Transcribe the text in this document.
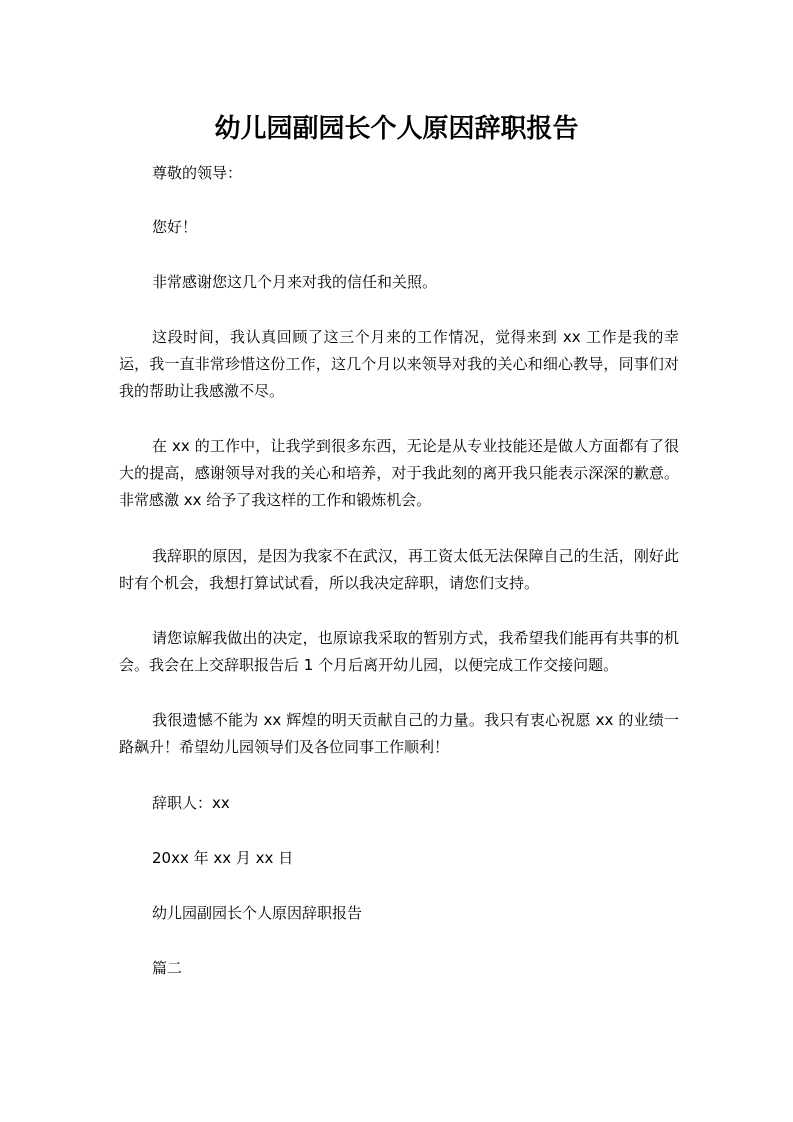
幼儿园副园长个人原因辞职报告

尊敬的领导：

您好！

非常感谢您这几个月来对我的信任和关照。

这段时间，我认真回顾了这三个月来的工作情况，觉得来到 xx 工作是我的幸运，我一直非常珍惜这份工作，这几个月以来领导对我的关心和细心教导，同事们对我的帮助让我感激不尽。

在 xx 的工作中，让我学到很多东西，无论是从专业技能还是做人方面都有了很大的提高，感谢领导对我的关心和培养，对于我此刻的离开我只能表示深深的歉意。非常感激 xx 给予了我这样的工作和锻炼机会。

我辞职的原因，是因为我家不在武汉，再工资太低无法保障自己的生活，刚好此时有个机会，我想打算试试看，所以我决定辞职，请您们支持。

请您谅解我做出的决定，也原谅我采取的暂别方式，我希望我们能再有共事的机会。我会在上交辞职报告后 1 个月后离开幼儿园，以便完成工作交接问题。

我很遗憾不能为 xx 辉煌的明天贡献自己的力量。我只有衷心祝愿 xx 的业绩一路飙升！希望幼儿园领导们及各位同事工作顺利！

辞职人：xx

20xx 年 xx 月 xx 日

幼儿园副园长个人原因辞职报告

篇二
